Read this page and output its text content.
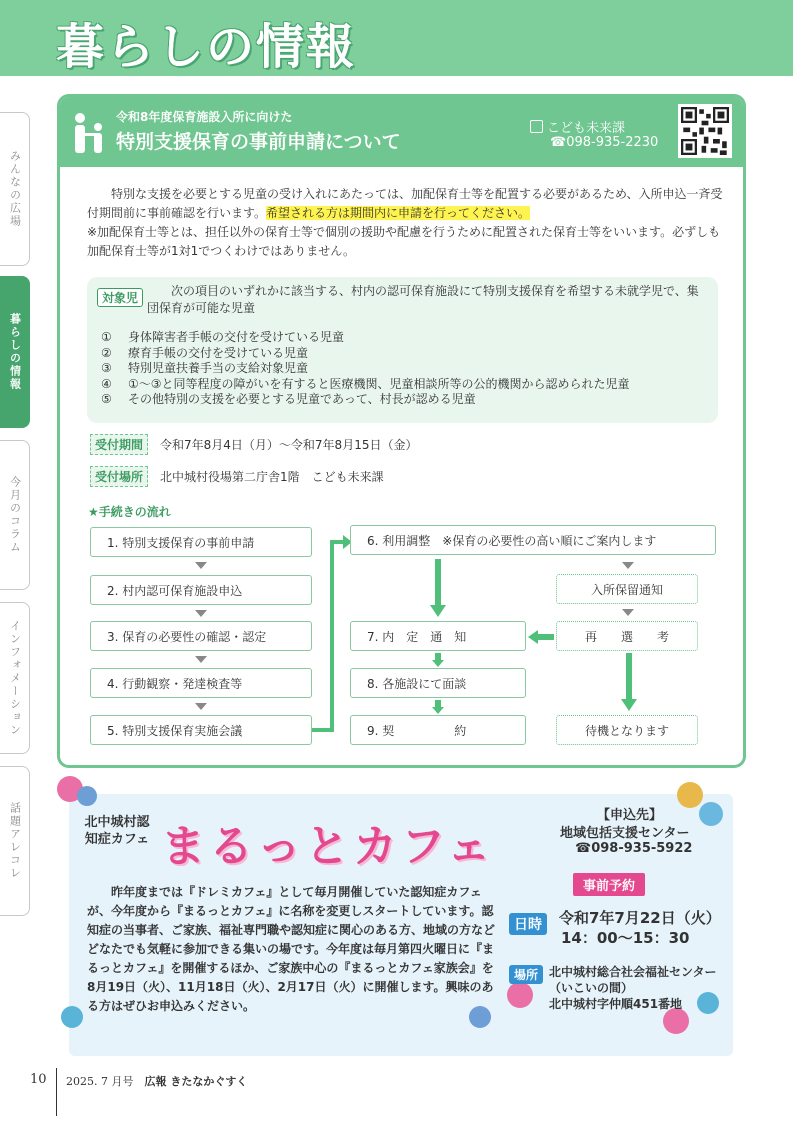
暮らしの情報
みんなの広場
暮らしの情報
今月のコラム
インフォメーション
話題アレコレ
令和8年度保育施設入所に向けた
特別支援保育の事前申請について
こども未来課
☎098-935-2230
特別な支援を必要とする児童の受け入れにあたっては、加配保育士等を配置する必要があるため、入所申込一斉受付期間前に事前確認を行います。希望される方は期間内に申請を行ってください。
※加配保育士等とは、担任以外の保育士等で個別の援助や配慮を行うために配置された保育士等をいいます。必ずしも加配保育士等が1対1でつくわけではありません。
対象児	次の項目のいずれかに該当する、村内の認可保育施設にて特別支援保育を希望する未就学児で、集団保育が可能な児童
①	身体障害者手帳の交付を受けている児童
②	療育手帳の交付を受けている児童
③	特別児童扶養手当の支給対象児童
④	①～③と同等程度の障がいを有すると医療機関、児童相談所等の公的機関から認められた児童
⑤	その他特別の支援を必要とする児童であって、村長が認める児童
受付期間	令和7年8月4日（月）～令和7年8月15日（金）
受付場所	北中城村役場第二庁舎1階　こども未来課
★手続きの流れ
1. 特別支援保育の事前申請
2. 村内認可保育施設申込
3. 保育の必要性の確認・認定
4. 行動観察・発達検査等
5. 特別支援保育実施会議
6. 利用調整　※保育の必要性の高い順にご案内します
7. 内　定　通　知
8. 各施設にて面談
9. 契　　　　　約
入所保留通知
再　　選　　考
待機となります
北中城村認知症カフェ まるっとカフェ
【申込先】
地域包括支援センター
☎098-935-5922
事前予約
昨年度までは『ドレミカフェ』として毎月開催していた認知症カフェが、今年度から『まるっとカフェ』に名称を変更しスタートしています。認知症の当事者、ご家族、福祉専門職や認知症に関心のある方、地域の方などどなたでも気軽に参加できる集いの場です。今年度は毎月第四火曜日に『まるっとカフェ』を開催するほか、ご家族中心の『まるっとカフェ家族会』を8月19日（火）、11月18日（火）、2月17日（火）に開催します。興味のある方はぜひお申込みください。
日時	令和7年7月22日（火）
14：00～15：30
場所 北中城村総合社会福祉センター
（いこいの間）
北中城村字仲順451番地
10 2025. 7 月号　 広報 きたなかぐすく
